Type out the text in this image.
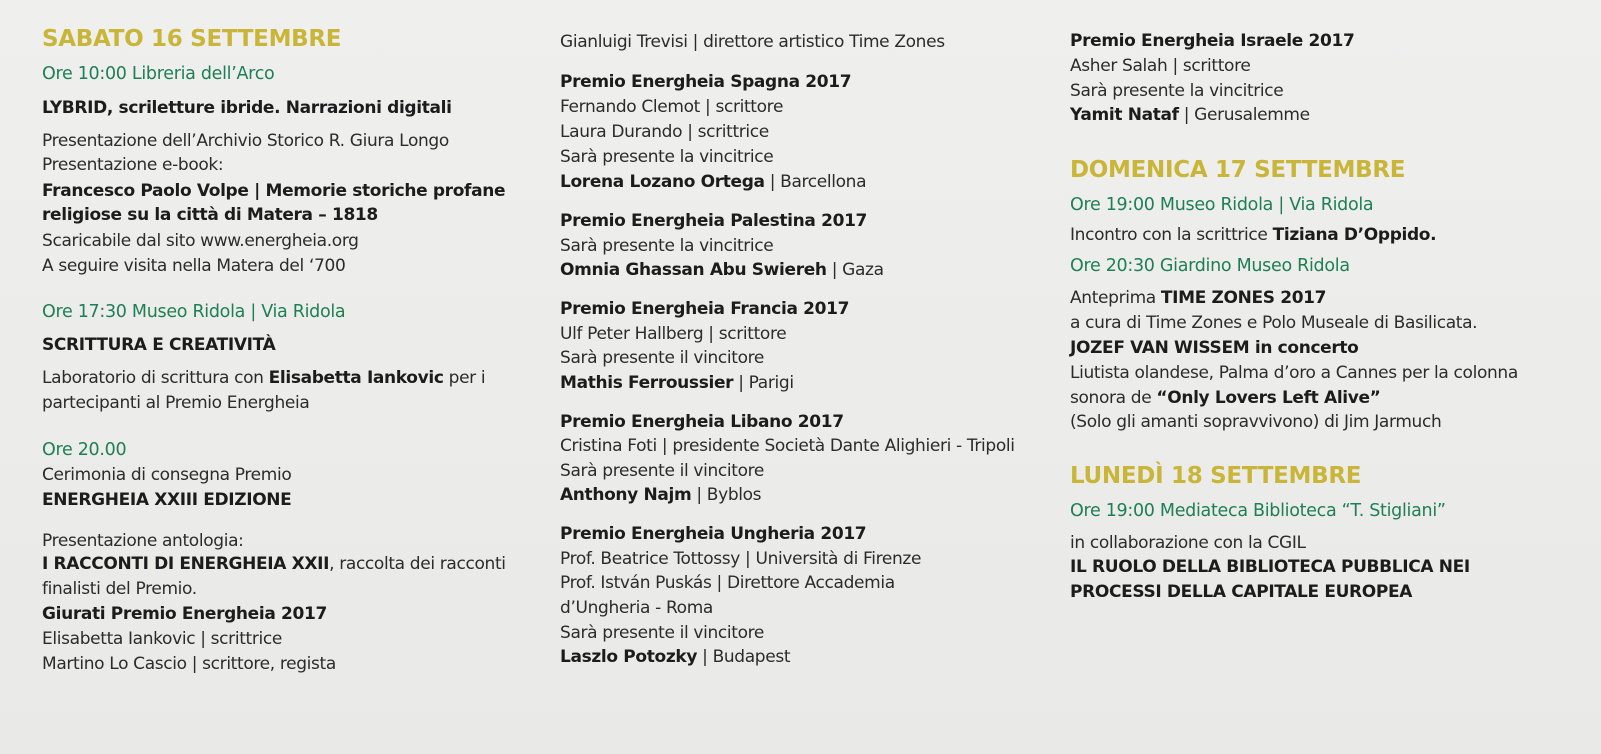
SABATO 16 SETTEMBRE
Ore 10:00 Libreria dell’Arco
LYBRID, scriletture ibride. Narrazioni digitali
Presentazione dell’Archivio Storico R. Giura Longo
Presentazione e-book:
Francesco Paolo Volpe | Memorie storiche profane
religiose su la città di Matera – 1818
Scaricabile dal sito www.energheia.org
A seguire visita nella Matera del ‘700
Ore 17:30 Museo Ridola | Via Ridola
SCRITTURA E CREATIVITÀ
Laboratorio di scrittura con Elisabetta Iankovic per i
partecipanti al Premio Energheia
Ore 20.00
Cerimonia di consegna Premio
ENERGHEIA XXIII EDIZIONE
Presentazione antologia:
I RACCONTI DI ENERGHEIA XXII, raccolta dei racconti
finalisti del Premio.
Giurati Premio Energheia 2017
Elisabetta Iankovic | scrittrice
Martino Lo Cascio | scrittore, regista
Gianluigi Trevisi | direttore artistico Time Zones
Premio Energheia Spagna 2017
Fernando Clemot | scrittore
Laura Durando | scrittrice
Sarà presente la vincitrice
Lorena Lozano Ortega | Barcellona
Premio Energheia Palestina 2017
Sarà presente la vincitrice
Omnia Ghassan Abu Swiereh | Gaza
Premio Energheia Francia 2017
Ulf Peter Hallberg | scrittore
Sarà presente il vincitore
Mathis Ferroussier | Parigi
Premio Energheia Libano 2017
Cristina Foti | presidente Società Dante Alighieri - Tripoli
Sarà presente il vincitore
Anthony Najm | Byblos
Premio Energheia Ungheria 2017
Prof. Beatrice Tottossy | Università di Firenze
Prof. István Puskás | Direttore Accademia
d’Ungheria - Roma
Sarà presente il vincitore
Laszlo Potozky | Budapest
Premio Energheia Israele 2017
Asher Salah | scrittore
Sarà presente la vincitrice
Yamit Nataf | Gerusalemme
DOMENICA 17 SETTEMBRE
Ore 19:00 Museo Ridola | Via Ridola
Incontro con la scrittrice Tiziana D’Oppido.
Ore 20:30 Giardino Museo Ridola
Anteprima TIME ZONES 2017
a cura di Time Zones e Polo Museale di Basilicata.
JOZEF VAN WISSEM in concerto
Liutista olandese, Palma d’oro a Cannes per la colonna
sonora de “Only Lovers Left Alive”
(Solo gli amanti sopravvivono) di Jim Jarmuch
LUNEDÌ 18 SETTEMBRE
Ore 19:00 Mediateca Biblioteca “T. Stigliani”
in collaborazione con la CGIL
IL RUOLO DELLA BIBLIOTECA PUBBLICA NEI
PROCESSI DELLA CAPITALE EUROPEA
